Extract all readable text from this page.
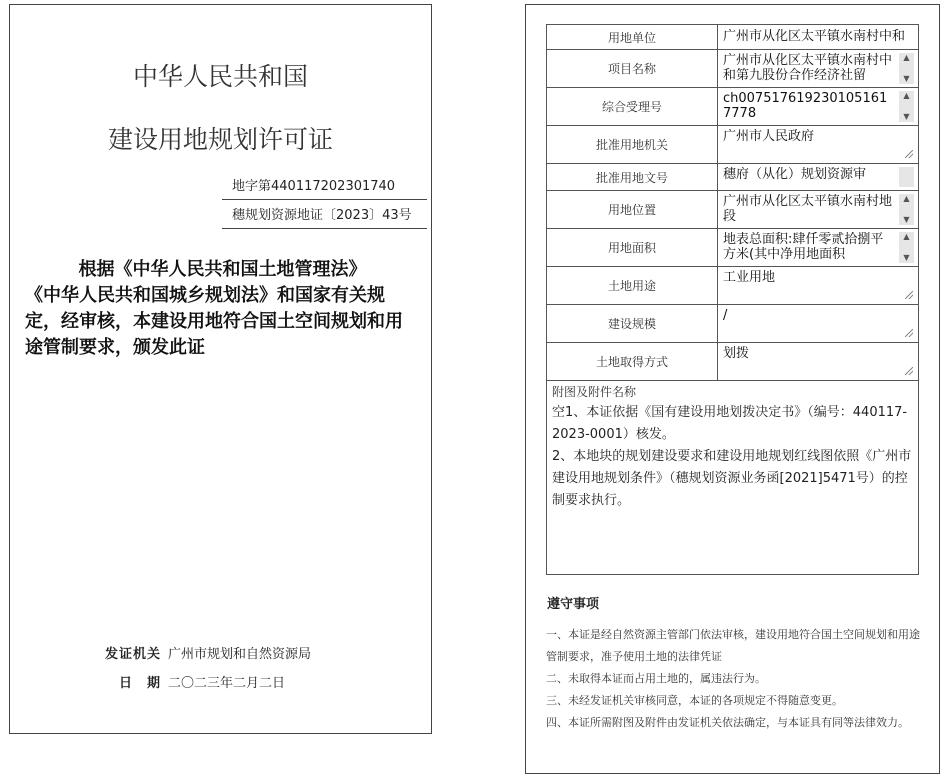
中华人民共和国
建设用地规划许可证
地字第440117202301740
穗规划资源地证〔2023〕43号
根据《中华人民共和国土地管理法》
《中华人民共和国城乡规划法》和国家有关规定，经审核，本建设用地符合国土空间规划和用途管制要求，颁发此证
发证机关 广州市规划和自然资源局
日　期 二〇二三年二月二日
用地单位	广州市从化区太平镇水南村中和
项目名称
广州市从化区太平镇水南村中和第九股份合作经济社留
▲
▼
综合受理号
ch007517619230105161 7778
▲
▼
批准用地机关
广州市人民政府
批准用地文号	穗府（从化）规划资源审
用地位置
广州市从化区太平镇水南村地段
▲
▼
用地面积
地表总面积:肆仟零贰拾捌平方米(其中净用地面积
▲
▼
土地用途
工业用地
建设规模
/
土地取得方式
划拨
附图及附件名称
空1、本证依据《国有建设用地划拨决定书》（编号：440117-2023-0001）核发。
2、本地块的规划建设要求和建设用地规划红线图依照《广州市建设用地规划条件》（穗规划资源业务函[2021]5471号）的控制要求执行。
遵守事项
一、本证是经自然资源主管部门依法审核，建设用地符合国土空间规划和用途管制要求，准予使用土地的法律凭证
二、未取得本证而占用土地的，属违法行为。
三、未经发证机关审核同意，本证的各项规定不得随意变更。
四、本证所需附图及附件由发证机关依法确定，与本证具有同等法律效力。
